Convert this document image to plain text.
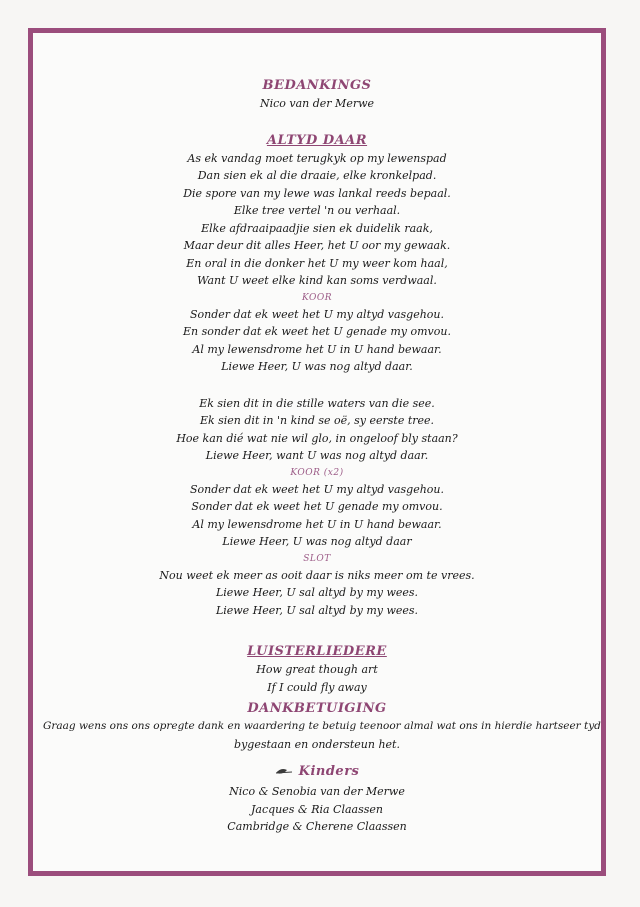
BEDANKINGS
Nico van der Merwe
ALTYD DAAR
As ek vandag moet terugkyk op my lewenspad
Dan sien ek al die draaie, elke kronkelpad.
Die spore van my lewe was lankal reeds bepaal.
Elke tree vertel 'n ou verhaal.
Elke afdraaipaadjie sien ek duidelik raak,
Maar deur dit alles Heer, het U oor my gewaak.
En oral in die donker het U my weer kom haal,
Want U weet elke kind kan soms verdwaal.
KOOR
Sonder dat ek weet het U my altyd vasgehou.
En sonder dat ek weet het U genade my omvou.
Al my lewensdrome het U in U hand bewaar.
Liewe Heer, U was nog altyd daar.
Ek sien dit in die stille waters van die see.
Ek sien dit in 'n kind se oë, sy eerste tree.
Hoe kan dié wat nie wil glo, in ongeloof bly staan?
Liewe Heer, want U was nog altyd daar.
KOOR (x2)
Sonder dat ek weet het U my altyd vasgehou.
Sonder dat ek weet het U genade my omvou.
Al my lewensdrome het U in U hand bewaar.
Liewe Heer, U was nog altyd daar
SLOT
Nou weet ek meer as ooit daar is niks meer om te vrees.
Liewe Heer, U sal altyd by my wees.
Liewe Heer, U sal altyd by my wees.
LUISTERLIEDERE
How great though art
If I could fly away
DANKBETUIGING
Graag wens ons ons opregte dank en waardering te betuig teenoor almal wat ons in hierdie hartseer tyd
bygestaan en ondersteun het.
Kinders
Nico & Senobia van der Merwe
Jacques & Ria Claassen
Cambridge & Cherene Claassen
